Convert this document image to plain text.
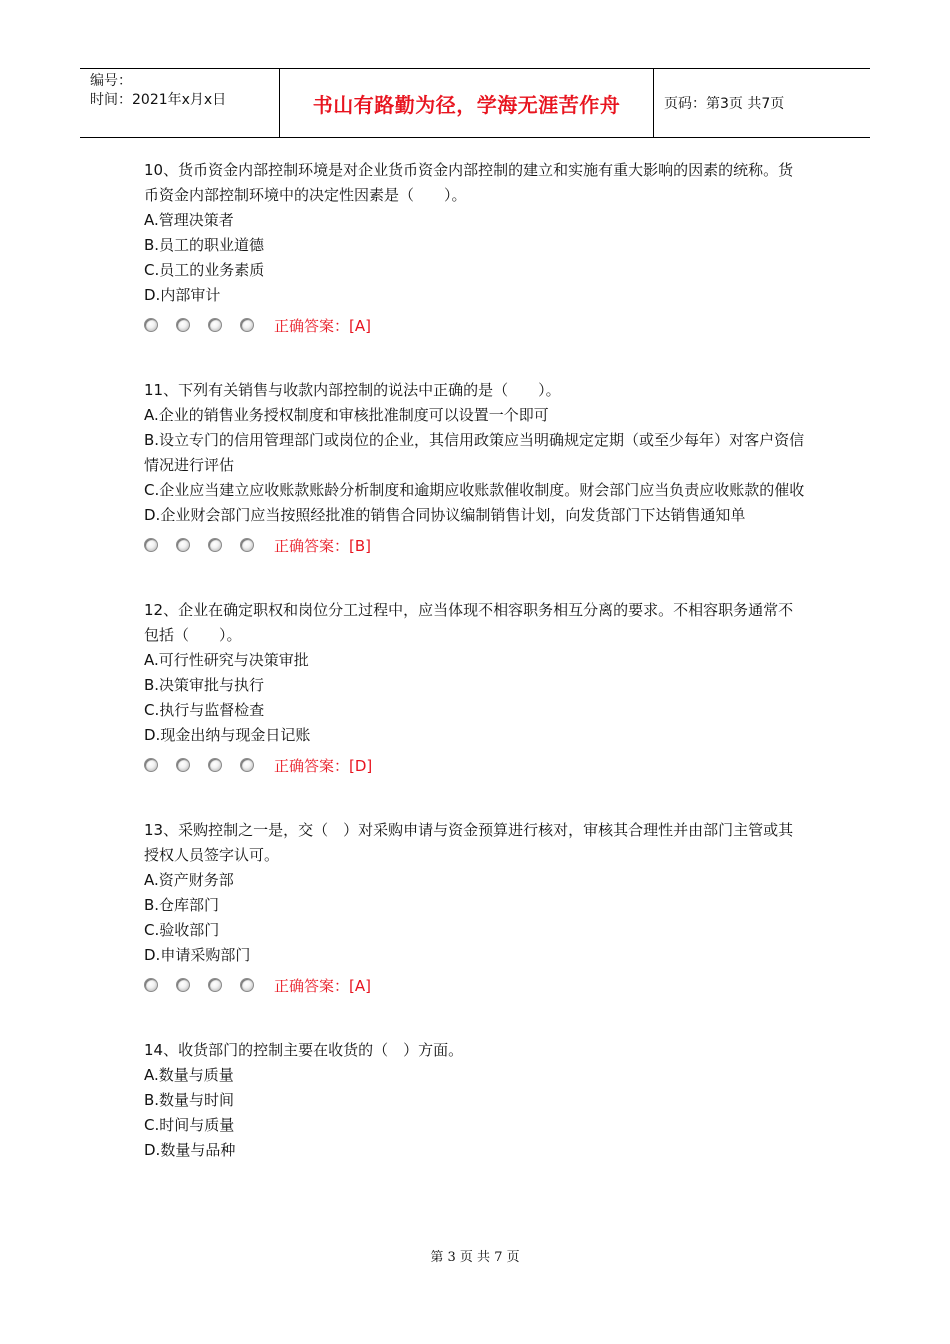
编号：
时间：2021年x月x日	书山有路勤为径，学海无涯苦作舟	页码：第3页 共7页

10、货币资金内部控制环境是对企业货币资金内部控制的建立和实施有重大影响的因素的统称。货币资金内部控制环境中的决定性因素是（　　）。

A.管理决策者

B.员工的职业道德

C.员工的业务素质

D.内部审计

正确答案：[A]

11、下列有关销售与收款内部控制的说法中正确的是（　　）。

A.企业的销售业务授权制度和审核批准制度可以设置一个即可

B.设立专门的信用管理部门或岗位的企业，其信用政策应当明确规定定期（或至少每年）对客户资信情况进行评估

C.企业应当建立应收账款账龄分析制度和逾期应收账款催收制度。财会部门应当负责应收账款的催收

D.企业财会部门应当按照经批准的销售合同协议编制销售计划，向发货部门下达销售通知单

正确答案：[B]

12、企业在确定职权和岗位分工过程中，应当体现不相容职务相互分离的要求。不相容职务通常不包括（　　）。

A.可行性研究与决策审批

B.决策审批与执行

C.执行与监督检查

D.现金出纳与现金日记账

正确答案：[D]

13、采购控制之一是，交（　）对采购申请与资金预算进行核对，审核其合理性并由部门主管或其授权人员签字认可。

A.资产财务部

B.仓库部门

C.验收部门

D.申请采购部门

正确答案：[A]

14、收货部门的控制主要在收货的（　）方面。

A.数量与质量

B.数量与时间

C.时间与质量

D.数量与品种

第 3 页 共 7 页
